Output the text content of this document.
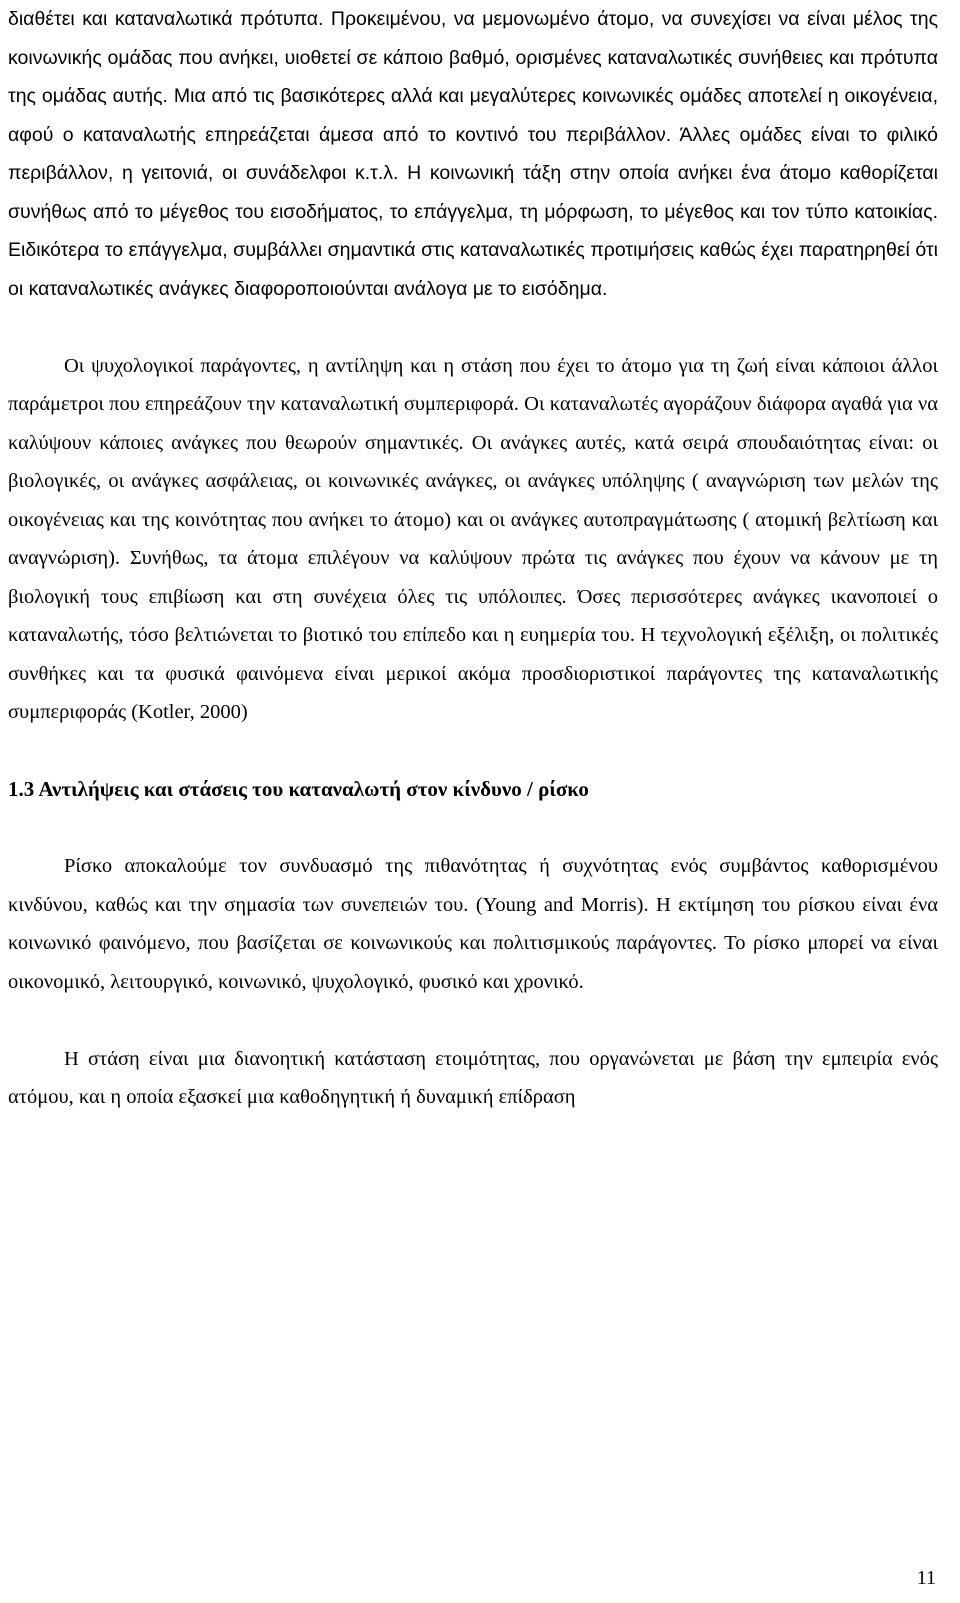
διαθέτει και καταναλωτικά πρότυπα. Προκειμένου, να μεμονωμένο άτομο, να συνεχίσει να είναι μέλος της κοινωνικής ομάδας που ανήκει, υιοθετεί σε κάποιο βαθμό, ορισμένες καταναλωτικές συνήθειες και πρότυπα της ομάδας αυτής. Μια από τις βασικότερες αλλά και μεγαλύτερες κοινωνικές ομάδες αποτελεί η οικογένεια, αφού ο καταναλωτής επηρεάζεται άμεσα από το κοντινό του περιβάλλον. Άλλες ομάδες είναι το φιλικό περιβάλλον, η γειτονιά, οι συνάδελφοι κ.τ.λ. Η κοινωνική τάξη στην οποία ανήκει ένα άτομο καθορίζεται συνήθως από το μέγεθος του εισοδήματος, το επάγγελμα, τη μόρφωση, το μέγεθος και τον τύπο κατοικίας. Ειδικότερα το επάγγελμα, συμβάλλει σημαντικά στις καταναλωτικές προτιμήσεις καθώς έχει παρατηρηθεί ότι οι καταναλωτικές ανάγκες διαφοροποιούνται ανάλογα με το εισόδημα.

Οι ψυχολογικοί παράγοντες, η αντίληψη και η στάση που έχει το άτομο για τη ζωή είναι κάποιοι άλλοι παράμετροι που επηρεάζουν την καταναλωτική συμπεριφορά. Οι καταναλωτές αγοράζουν διάφορα αγαθά για να καλύψουν κάποιες ανάγκες που θεωρούν σημαντικές. Οι ανάγκες αυτές, κατά σειρά σπουδαιότητας είναι: οι βιολογικές, οι ανάγκες ασφάλειας, οι κοινωνικές ανάγκες, οι ανάγκες υπόληψης ( αναγνώριση των μελών της οικογένειας και της κοινότητας που ανήκει το άτομο) και οι ανάγκες αυτοπραγμάτωσης ( ατομική βελτίωση και αναγνώριση). Συνήθως, τα άτομα επιλέγουν να καλύψουν πρώτα τις ανάγκες που έχουν να κάνουν με τη βιολογική τους επιβίωση και στη συνέχεια όλες τις υπόλοιπες. Όσες περισσότερες ανάγκες ικανοποιεί ο καταναλωτής, τόσο βελτιώνεται το βιοτικό του επίπεδο και η ευημερία του. Η τεχνολογική εξέλιξη, οι πολιτικές συνθήκες και τα φυσικά φαινόμενα είναι μερικοί ακόμα προσδιοριστικοί παράγοντες της καταναλωτικής συμπεριφοράς (Kotler, 2000)

1.3 Αντιλήψεις και στάσεις του καταναλωτή στον κίνδυνο / ρίσκο

Ρίσκο αποκαλούμε τον συνδυασμό της πιθανότητας ή συχνότητας ενός συμβάντος καθορισμένου κινδύνου, καθώς και την σημασία των συνεπειών του. (Young and Morris). Η εκτίμηση του ρίσκου είναι ένα κοινωνικό φαινόμενο, που βασίζεται σε κοινωνικούς και πολιτισμικούς παράγοντες. Το ρίσκο μπορεί να είναι οικονομικό, λειτουργικό, κοινωνικό, ψυχολογικό, φυσικό και χρονικό.

Η στάση είναι μια διανοητική κατάσταση ετοιμότητας, που οργανώνεται με βάση την εμπειρία ενός ατόμου, και η οποία εξασκεί μια καθοδηγητική ή δυναμική επίδραση

11
